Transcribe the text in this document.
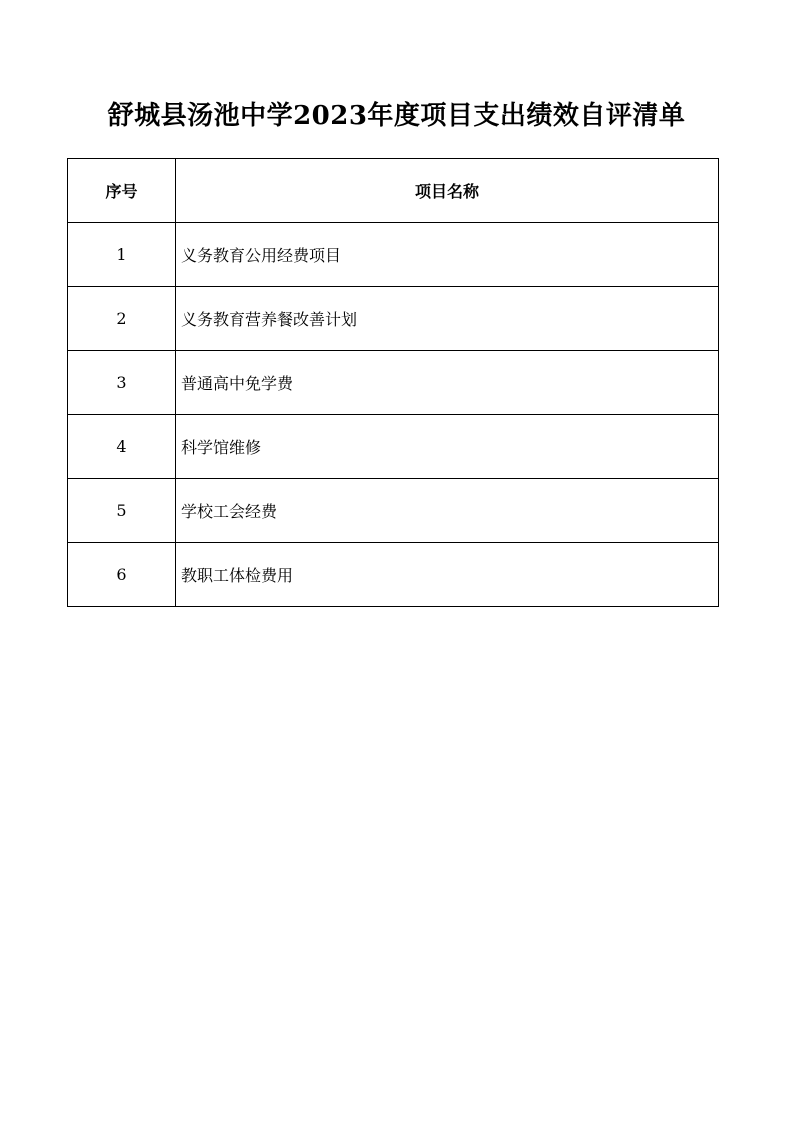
舒城县汤池中学2023年度项目支出绩效自评清单
序号	项目名称
1	义务教育公用经费项目
2	义务教育营养餐改善计划
3	普通高中免学费
4	科学馆维修
5	学校工会经费
6	教职工体检费用
